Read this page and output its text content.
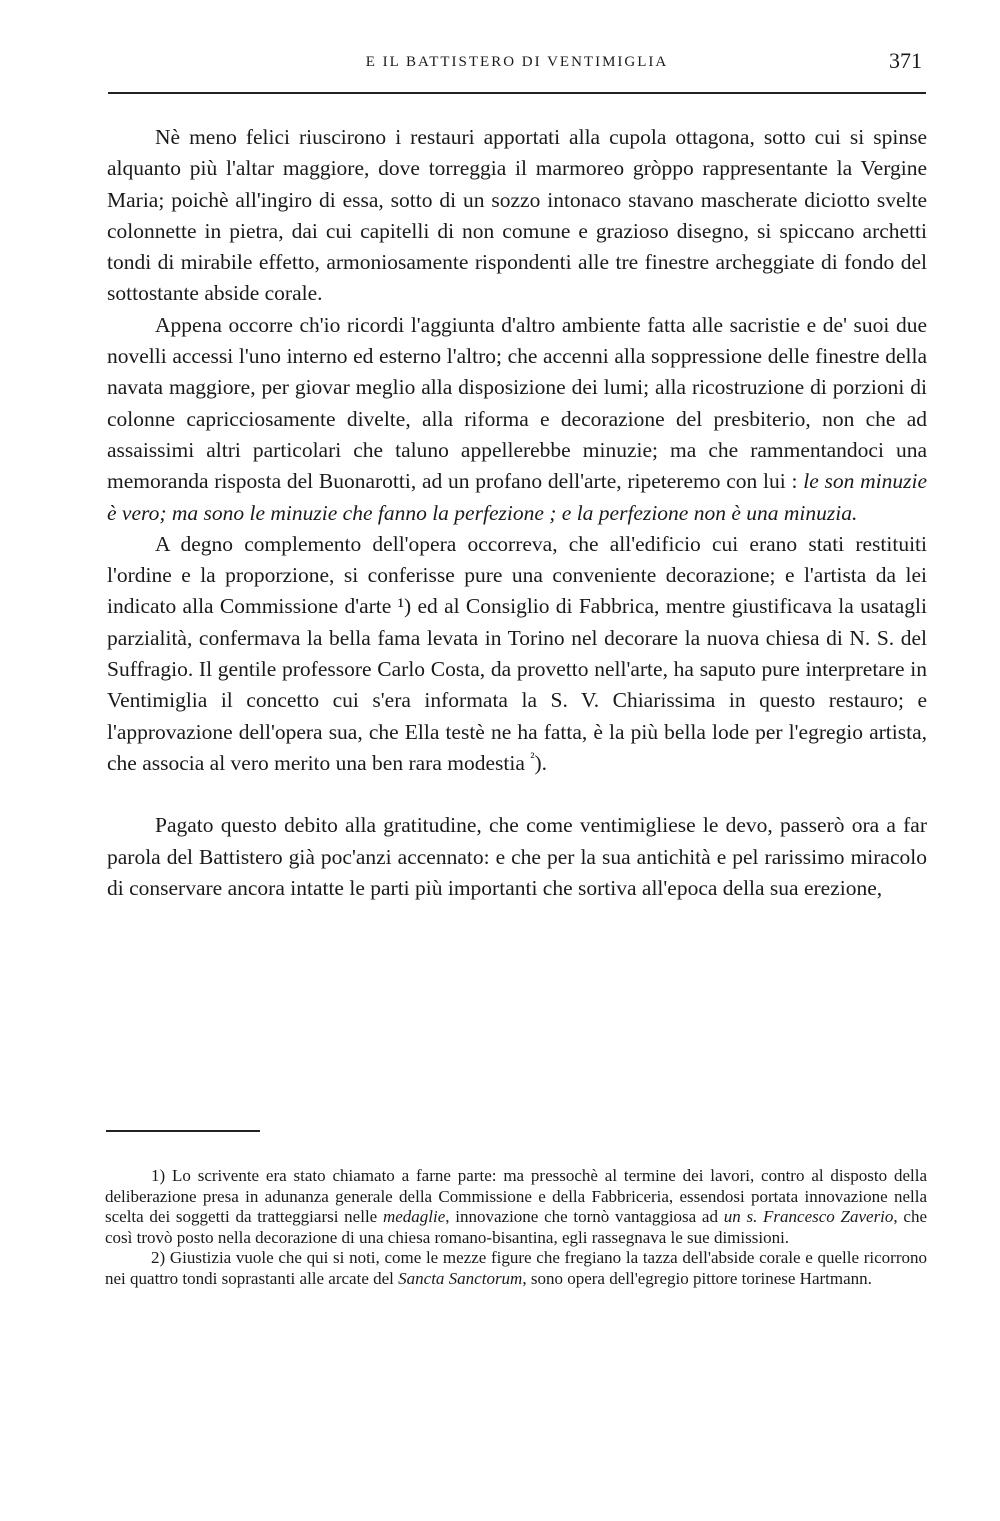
E IL BATTISTERO DI VENTIMIGLIA	371

Nè meno felici riuscirono i restauri apportati alla cupola ottagona, sotto cui si spinse alquanto più l'altar maggiore, dove torreggia il marmoreo gròppo rappresentante la Vergine Maria; poichè all'ingiro di essa, sotto di un sozzo intonaco stavano mascherate diciotto svelte colonnette in pietra, dai cui capitelli di non comune e grazioso disegno, si spiccano archetti tondi di mirabile effetto, armoniosamente rispondenti alle tre finestre archeggiate di fondo del sottostante abside corale.

Appena occorre ch'io ricordi l'aggiunta d'altro ambiente fatta alle sacristie e de' suoi due novelli accessi l'uno interno ed esterno l'altro; che accenni alla soppressione delle finestre della navata maggiore, per giovar meglio alla disposizione dei lumi; alla ricostruzione di porzioni di colonne capricciosamente divelte, alla riforma e decorazione del presbiterio, non che ad assaissimi altri particolari che taluno appellerebbe minuzie; ma che rammentandoci una memoranda risposta del Buonarotti, ad un profano dell'arte, ripeteremo con lui : le son minuzie è vero; ma sono le minuzie che fanno la perfezione ; e la perfezione non è una minuzia.

A degno complemento dell'opera occorreva, che all'edificio cui erano stati restituiti l'ordine e la proporzione, si conferisse pure una conveniente decorazione; e l'artista da lei indicato alla Commissione d'arte ¹) ed al Consiglio di Fabbrica, mentre giustificava la usatagli parzialità, confermava la bella fama levata in Torino nel decorare la nuova chiesa di N. S. del Suffragio. Il gentile professore Carlo Costa, da provetto nell'arte, ha saputo pure interpretare in Ventimiglia il concetto cui s'era informata la S. V. Chiarissima in questo restauro; e l'approvazione dell'opera sua, che Ella testè ne ha fatta, è la più bella lode per l'egregio artista, che associa al vero merito una ben rara modestia $^{^2}$).

Pagato questo debito alla gratitudine, che come ventimigliese le devo, passerò ora a far parola del Battistero già poc'anzi accennato: e che per la sua antichità e pel rarissimo miracolo di conservare ancora intatte le parti più importanti che sortiva all'epoca della sua erezione,

1) Lo scrivente era stato chiamato a farne parte: ma pressochè al termine dei lavori, contro al disposto della deliberazione presa in adunanza generale della Commissione e della Fabbriceria, essendosi portata innovazione nella scelta dei soggetti da tratteggiarsi nelle medaglie, innovazione che tornò vantaggiosa ad un s. Francesco Zaverio, che così trovò posto nella decorazione di una chiesa romano-bisantina, egli rassegnava le sue dimissioni.

2) Giustizia vuole che qui si noti, come le mezze figure che fregiano la tazza dell'abside corale e quelle ricorrono nei quattro tondi soprastanti alle arcate del Sancta Sanctorum, sono opera dell'egregio pittore torinese Hartmann.
